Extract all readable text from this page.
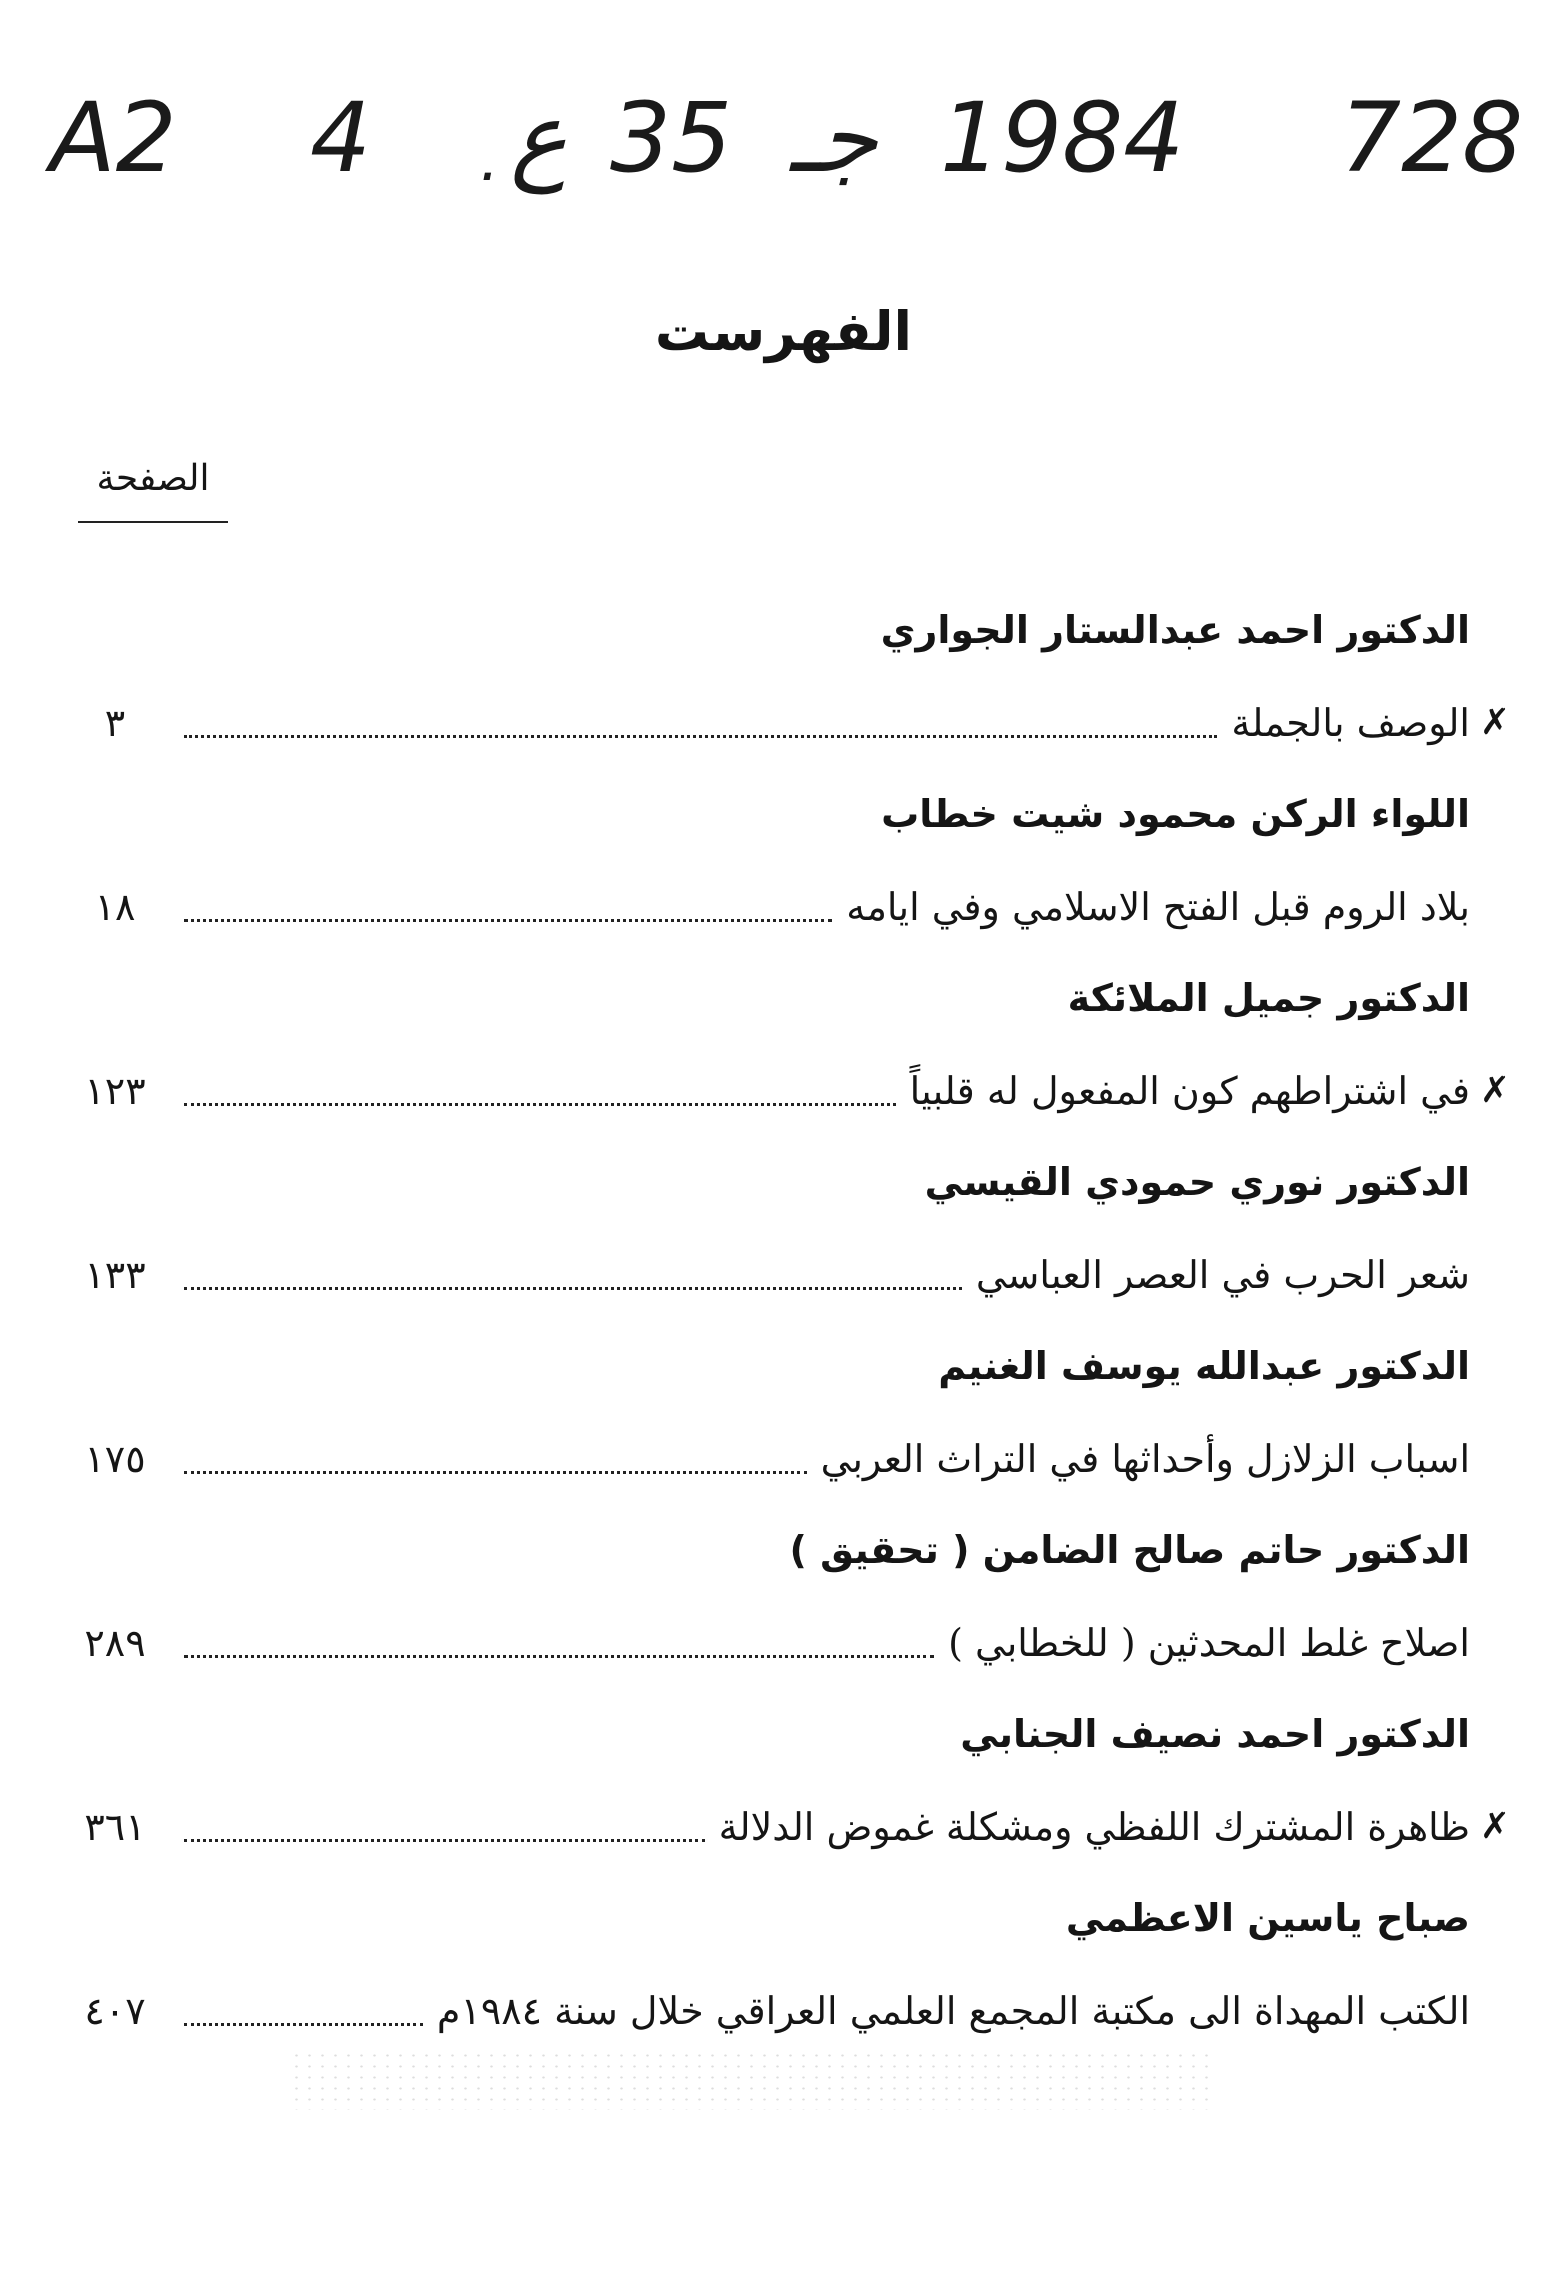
A2 4 . ع 35 جـ 1984 728
الفهرست
الصفحة
الدكتور احمد عبدالستار الجواري
✗
الوصف بالجملة
٣
اللواء الركن محمود شيت خطاب
بلاد الروم قبل الفتح الاسلامي وفي ايامه
١٨
الدكتور جميل الملائكة
✗
في اشتراطهم كون المفعول له قلبياً
١٢٣
الدكتور نوري حمودي القيسي
شعر الحرب في العصر العباسي
١٣٣
الدكتور عبدالله يوسف الغنيم
اسباب الزلازل وأحداثها في التراث العربي
١٧٥
الدكتور حاتم صالح الضامن ( تحقيق )
اصلاح غلط المحدثين ( للخطابي )
٢٨٩
الدكتور احمد نصيف الجنابي
✗
ظاهرة المشترك اللفظي ومشكلة غموض الدلالة
٣٦١
صباح ياسين الاعظمي
الكتب المهداة الى مكتبة المجمع العلمي العراقي خلال سنة ١٩٨٤م
٤٠٧
